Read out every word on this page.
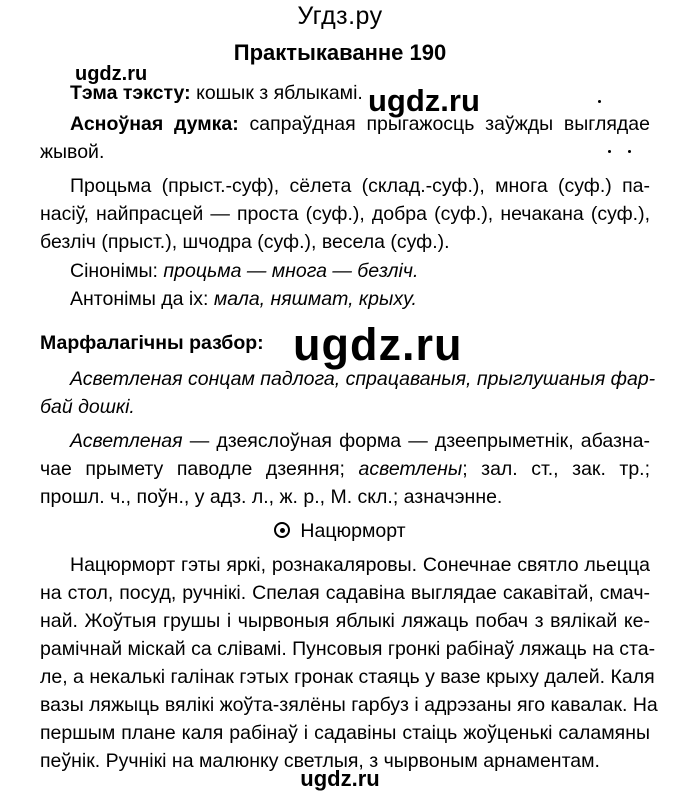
Угдз.ру
Практыкаванне 190
ugdz.ru
ugdz.ru
Тэма тэксту: кошык з яблыкамі.
Асноўная думка: сапраўдная прыгажосць заўжды выглядае
жывой.
Процьма (прыст.-суф), сёлета (склад.-суф.), многа (суф.) па-
насіў, найпрасцей — проста (суф.), добра (суф.), нечакана (суф.),
безліч (прыст.), шчодра (суф.), весела (суф.).
Сінонімы: процьма — многа — безліч.
Антонімы да іх: мала, няшмат, крыху.
Марфалагічны разбор: ugdz.ru
Асветленая сонцам падлога, спрацаваныя, прыглушаныя фар-
бай дошкі.
Асветленая — дзеяслоўная форма — дзеепрыметнік, абазна-
чае прымету паводле дзеяння; асветлены; зал. ст., зак. тр.;
прошл. ч., поўн., у адз. л., ж. р., М. скл.; азначэнне.
Нацюрморт
Нацюрморт гэты яркі, рознакаляровы. Сонечнае святло льецца
на стол, посуд, ручнікі. Спелая садавіна выглядае сакавітай, смач-
най. Жоўтыя грушы і чырвоныя яблыкі ляжаць побач з вялікай ке-
рамічнай міскай са слівамі. Пунсовыя гронкі рабінаў ляжаць на ста-
ле, а некалькі галінак гэтых гронак стаяць у вазе крыху далей. Каля
вазы ляжыць вялікі жоўта-зялёны гарбуз і адрэзаны яго кавалак. На
першым плане каля рабінаў і садавіны стаіць жоўценькі саламяны
пеўнік. Ручнікі на малюнку светлыя, з чырвоным арнаментам.
ugdz.ru
